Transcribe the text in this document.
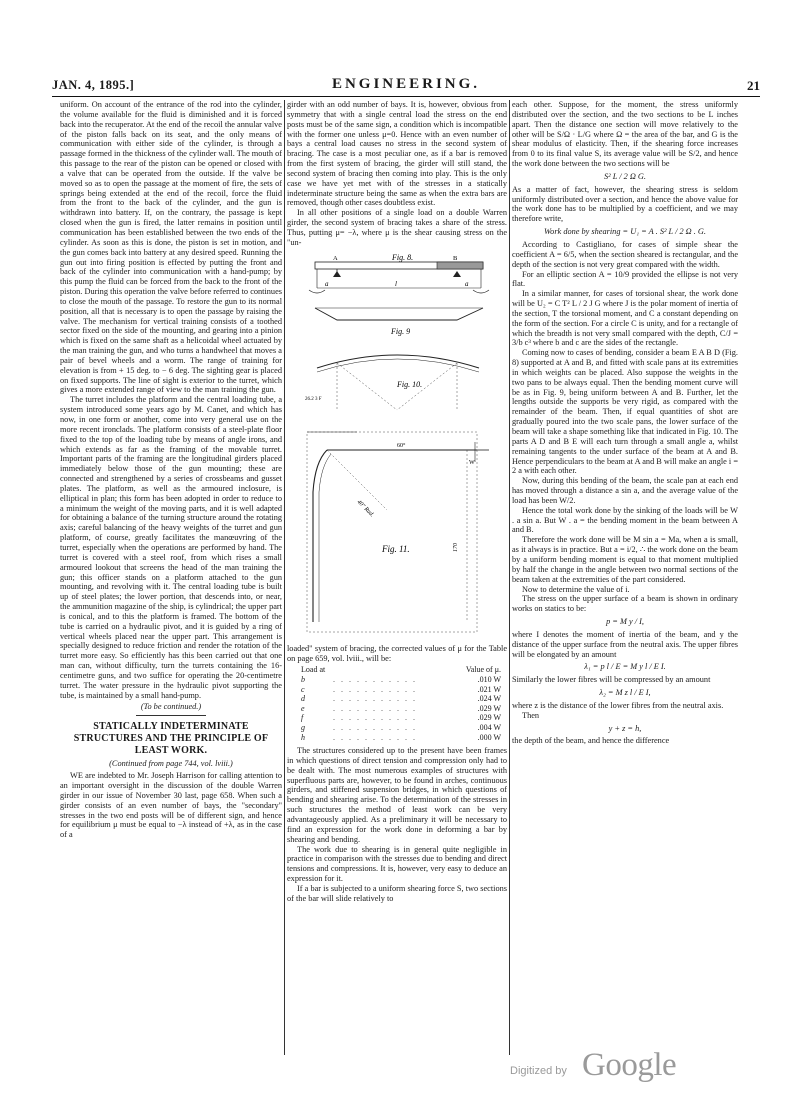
JAN. 4, 1895.]	ENGINEERING.	21

uniform. On account of the entrance of the rod into the cylinder, the volume available for the fluid is diminished and it is forced back into the recuperator. At the end of the recoil the annular valve of the piston falls back on its seat, and the only means of communication with either side of the cylinder, is through a passage formed in the thickness of the cylinder wall. The mouth of this passage to the rear of the piston can be opened or closed with a valve that can be operated from the outside. If the valve be moved so as to open the passage at the moment of fire, the sets of springs being extended at the end of the recoil, force the fluid from the front to the back of the cylinder, and the gun is withdrawn into battery. If, on the contrary, the passage is kept closed when the gun is fired, the latter remains in position until communication has been established between the two ends of the cylinder. As soon as this is done, the piston is set in motion, and the gun comes back into battery at any desired speed. Running the gun out into firing position is effected by putting the front and back of the cylinder into communication with a hand-pump; by this pump the fluid can be forced from the back to the front of the piston. During this operation the valve before referred to continues to close the mouth of the passage. To restore the gun to its normal position, all that is necessary is to open the passage by raising the valve. The mechanism for vertical training consists of a toothed sector fixed on the side of the mounting, and gearing into a pinion which is fixed on the same shaft as a helicoidal wheel actuated by the man training the gun, and who turns a handwheel that moves a pair of bevel wheels and a worm. The range of training for elevation is from + 15 deg. to − 6 deg. The sighting gear is placed on fixed supports. The line of sight is exterior to the turret, which gives a more extended range of view to the man training the gun.

The turret includes the platform and the central loading tube, a system introduced some years ago by M. Canet, and which has now, in one form or another, come into very general use on the more recent ironclads. The platform consists of a steel-plate floor fixed to the top of the loading tube by means of angle irons, and which extends as far as the framing of the movable turret. Important parts of the framing are the longitudinal girders placed immediately below those of the gun mounting; these are connected and strengthened by a series of crossbeams and gusset plates. The platform, as well as the armoured inclosure, is elliptical in plan; this form has been adopted in order to reduce to a minimum the weight of the moving parts, and it is well adapted for obtaining a balance of the turning structure around the rotating axis; careful balancing of the heavy weights of the turret and gun platform, of course, greatly facilitates the manœuvring of the turret, especially when the operations are performed by hand. The turret is covered with a steel roof, from which rises a small armoured lookout that screens the head of the man training the gun; this officer stands on a platform attached to the gun mounting, and revolving with it. The central loading tube is built up of steel plates; the lower portion, that descends into, or near, the ammunition magazine of the ship, is cylindrical; the upper part is conical, and to this the platform is framed. The bottom of the tube is carried on a hydraulic pivot, and it is guided by a ring of vertical wheels placed near the upper part. This arrangement is specially designed to reduce friction and render the rotation of the turret more easy. So efficiently has this been carried out that one man can, without difficulty, turn the turrets containing the 16-centimetre guns, and two suffice for operating the 20-centimetre turret. The water pressure in the hydraulic pivot supporting the tube, is maintained by a small hand-pump.

(To be continued.)
STATICALLY INDETERMINATE STRUCTURES AND THE PRINCIPLE OF LEAST WORK.
(Continued from page 744, vol. lviii.)

WE are indebted to Mr. Joseph Harrison for calling attention to an important oversight in the discussion of the double Warren girder in our issue of November 30 last, page 658. When such a girder consists of an even number of bays, the "secondary" stresses in the two end posts will be of different sign, and hence for equilibrium μ must be equal to −λ instead of +λ, as in the case of a

girder with an odd number of bays. It is, however, obvious from symmetry that with a single central load the stress on the end posts must be of the same sign, a condition which is incompatible with the former one unless μ=0. Hence with an even number of bays a central load causes no stress in the second system of bracing. The case is a most peculiar one, as if a bar is removed from the first system of bracing, the girder will still stand, the second system of bracing then coming into play. This is the only case we have yet met with of the stresses in a statically indeterminate structure being the same as when the extra bars are removed, though other cases doubtless exist.

In all other positions of a single load on a double Warren girder, the second system of bracing takes a share of the stress. Thus, putting μ= −λ, where μ is the shear causing stress on the "un-

Fig. 8.
A	B
a	l	a
Fig. 9
Fig. 10.
26.2 3 F
W
60°
40" Rad.
170
Fig. 11.

loaded" system of bracing, the corrected values of μ for the Table on page 659, vol. lviii., will be:

Load at		Value of μ.
b	. . . . . . . . . . .	.010 W
c	. . . . . . . . . . .	.021 W
d	. . . . . . . . . . .	.024 W
e	. . . . . . . . . . .	.029 W
f	. . . . . . . . . . .	.029 W
g	. . . . . . . . . . .	.004 W
h	. . . . . . . . . . .	.000 W

The structures considered up to the present have been frames in which questions of direct tension and compression only had to be dealt with. The most numerous examples of structures with superfluous parts are, however, to be found in arches, continuous girders, and stiffened suspension bridges, in which questions of bending and shearing arise. To the determination of the stresses in such structures the method of least work can be very advantageously applied. As a preliminary it will be necessary to find an expression for the work done in deforming a bar by shearing and bending.

The work due to shearing is in general quite negligible in practice in comparison with the stresses due to bending and direct tensions and compressions. It is, however, very easy to deduce an expression for it.

If a bar is subjected to a uniform shearing force S, two sections of the bar will slide relatively to

each other. Suppose, for the moment, the stress uniformly distributed over the section, and the two sections to be L inches apart. Then the distance one section will move relatively to the other will be S/Ω · L/G where Ω = the area of the bar, and G is the shear modulus of elasticity. Then, if the shearing force increases from 0 to its final value S, its average value will be S/2, and hence the work done between the two sections will be

S² L / 2 Ω G.

As a matter of fact, however, the shearing stress is seldom uniformly distributed over a section, and hence the above value for the work done has to be multiplied by a coefficient, and we may therefore write,

Work done by shearing = U₁ = A . S² L / 2 Ω . G.

According to Castigliano, for cases of simple shear the coefficient A = 6/5, when the section sheared is rectangular, and the depth of the section is not very great compared with the width.

For an elliptic section A = 10/9 provided the ellipse is not very flat.

In a similar manner, for cases of torsional shear, the work done will be U₂ = C T² L / 2 J G where J is the polar moment of inertia of the section, T the torsional moment, and C a constant depending on the form of the section. For a circle C is unity, and for a rectangle of which the breadth is not very small compared with the depth, C/J = 3/b c³ where b and c are the sides of the rectangle.

Coming now to cases of bending, consider a beam E A B D (Fig. 8) supported at A and B, and fitted with scale pans at its extremities in which weights can be placed. Also suppose the weights in the two pans to be always equal. Then the bending moment curve will be as in Fig. 9, being uniform between A and B. Further, let the lengths outside the supports be very rigid, as compared with the remainder of the beam. Then, if equal quantities of shot are gradually poured into the two scale pans, the lower surface of the beam will take a shape something like that indicated in Fig. 10. The parts A D and B E will each turn through a small angle a, whilst remaining tangents to the under surface of the beam at A and B. Hence perpendiculars to the beam at A and B will make an angle i = 2 a with each other.

Now, during this bending of the beam, the scale pan at each end has moved through a distance a sin a, and the average value of the load has been W/2.

Hence the total work done by the sinking of the loads will be W . a sin a. But W . a = the bending moment in the beam between A and B.

Therefore the work done will be M sin a = Ma, when a is small, as it always is in practice. But a = i/2, ∴ the work done on the beam by a uniform bending moment is equal to that moment multiplied by half the change in the angle between two normal sections of the beam taken at the extremities of the part considered.

Now to determine the value of i.

The stress on the upper surface of a beam is shown in ordinary works on statics to be:

p = M y / I,

where I denotes the moment of inertia of the beam, and y the distance of the upper surface from the neutral axis. The upper fibres will be elongated by an amount

λ₁ = p l / E = M y l / E I.

Similarly the lower fibres will be compressed by an amount

λ₂ = M z l / E I,

where z is the distance of the lower fibres from the neutral axis.

Then

y + z = h,

the depth of the beam, and hence the difference

Digitized by Google
